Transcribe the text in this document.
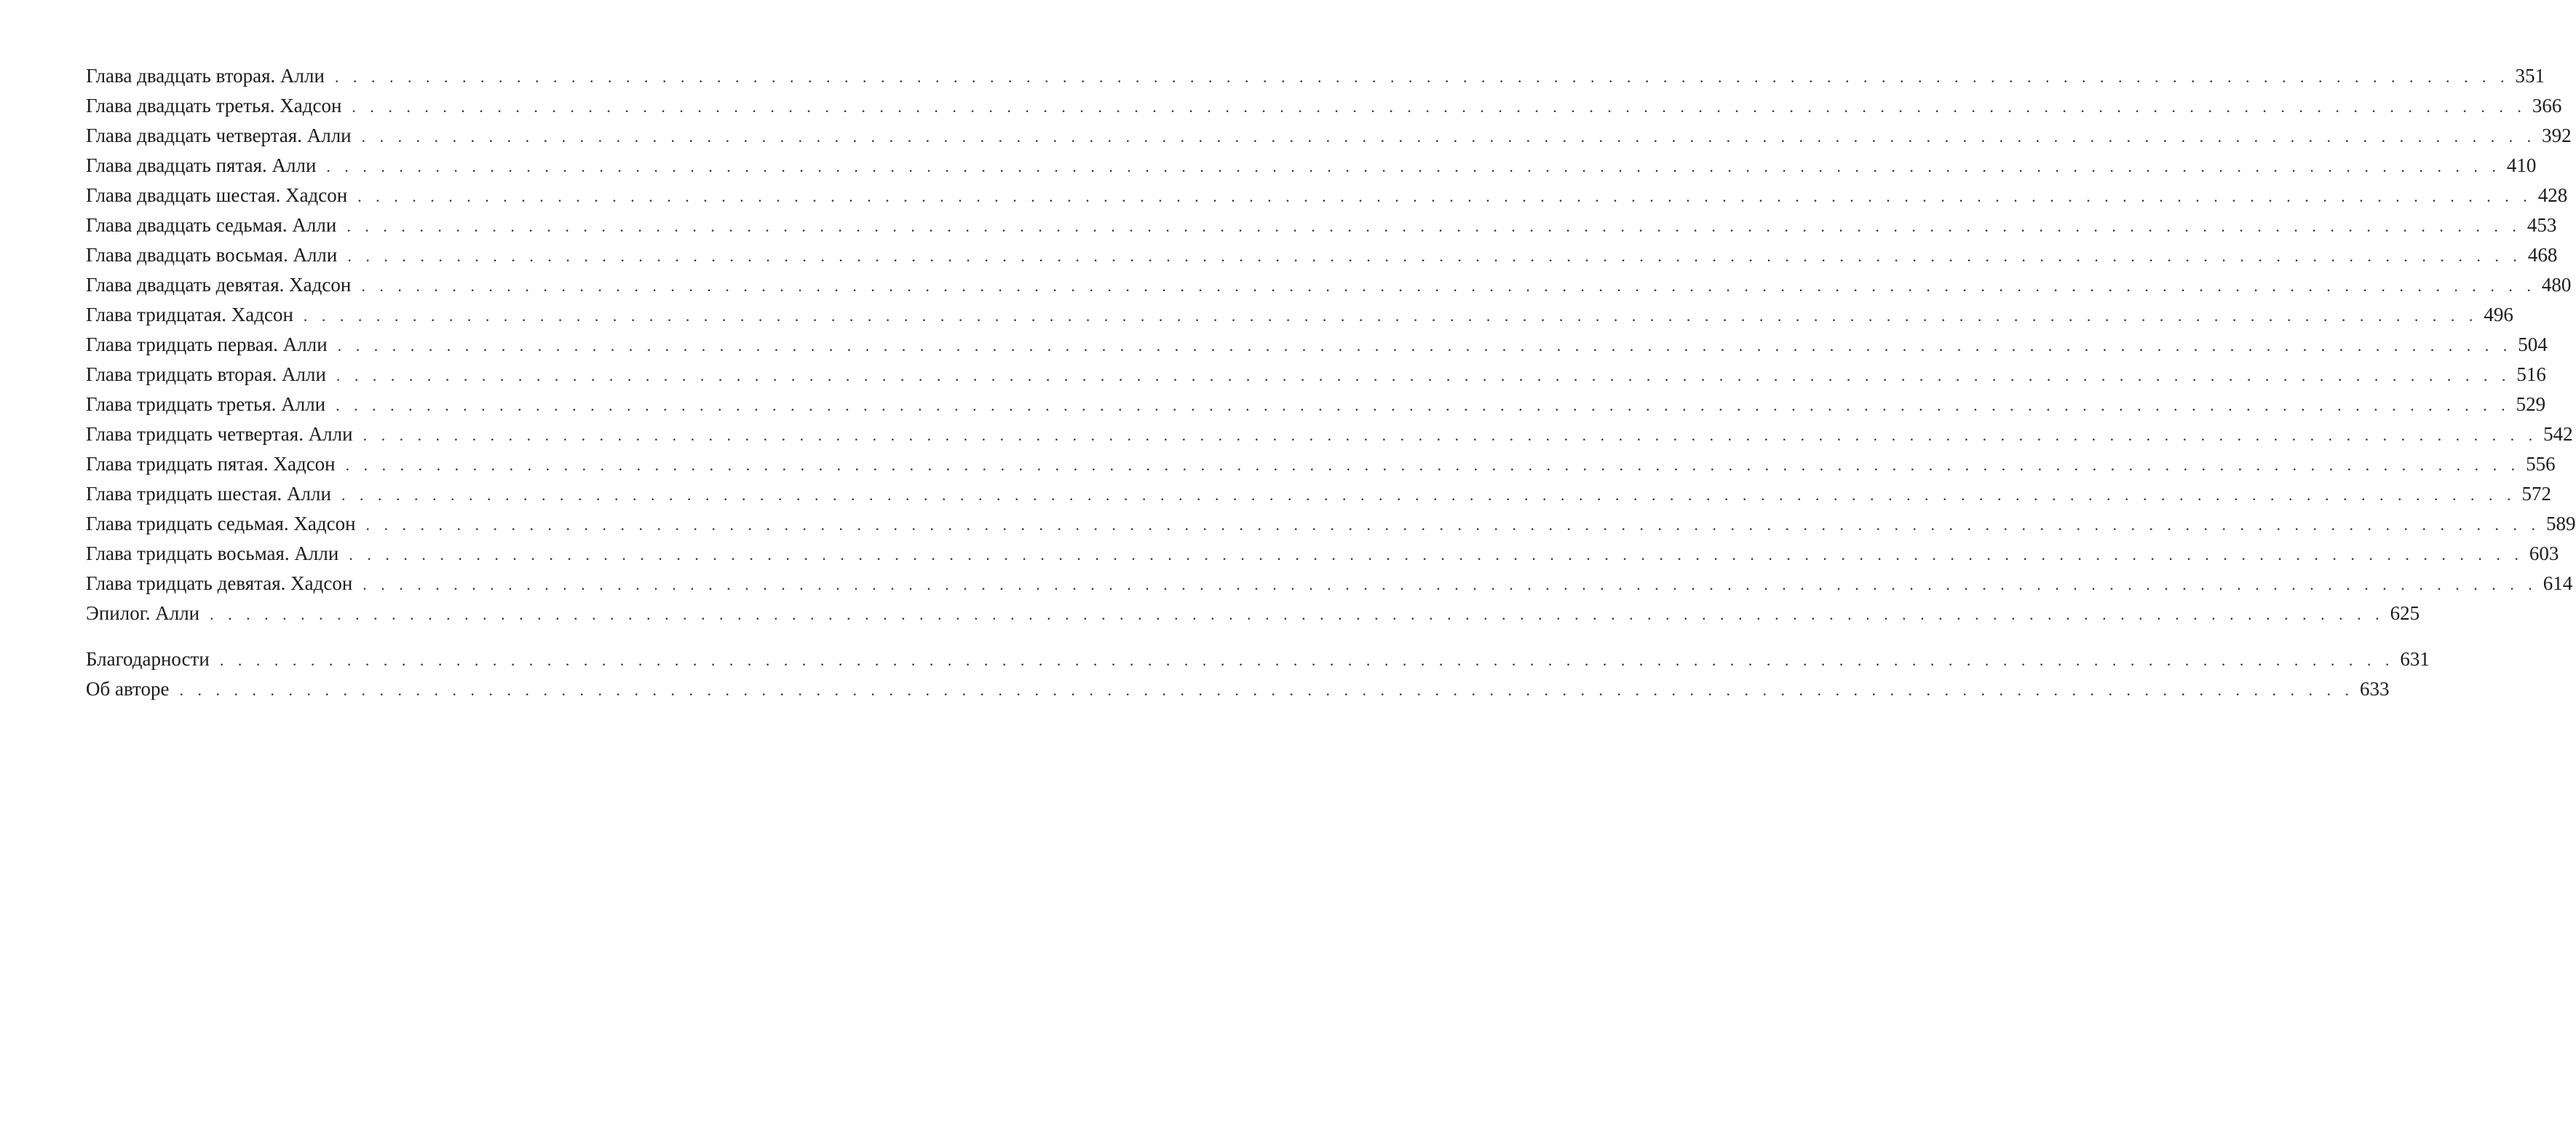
Глава двадцать вторая. Алли . . . . . . . . . . . . . . . . . . . . . . . . . . . . . . . . . . . . . . . . . . . . . . . . . . . . . . . . . . . . . . . . . . . . . . . . . . . . . . . . . . . . . . . . . . . . . . . . . . . . . . . . . . . . . . . . . . . . . . . . 351
Глава двадцать третья. Хадсон . . . . . . . . . . . . . . . . . . . . . . . . . . . . . . . . . . . . . . . . . . . . . . . . . . . . . . . . . . . . . . . . . . . . . . . . . . . . . . . . . . . . . . . . . . . . . . . . . . . . . . . . . . . . . . . . . . . . . . . . 366
Глава двадцать четвертая. Алли . . . . . . . . . . . . . . . . . . . . . . . . . . . . . . . . . . . . . . . . . . . . . . . . . . . . . . . . . . . . . . . . . . . . . . . . . . . . . . . . . . . . . . . . . . . . . . . . . . . . . . . . . . . . . . . . . . . . . . . . 392
Глава двадцать пятая. Алли . . . . . . . . . . . . . . . . . . . . . . . . . . . . . . . . . . . . . . . . . . . . . . . . . . . . . . . . . . . . . . . . . . . . . . . . . . . . . . . . . . . . . . . . . . . . . . . . . . . . . . . . . . . . . . . . . . . . . . . . 410
Глава двадцать шестая. Хадсон . . . . . . . . . . . . . . . . . . . . . . . . . . . . . . . . . . . . . . . . . . . . . . . . . . . . . . . . . . . . . . . . . . . . . . . . . . . . . . . . . . . . . . . . . . . . . . . . . . . . . . . . . . . . . . . . . . . . . . . . 428
Глава двадцать седьмая. Алли . . . . . . . . . . . . . . . . . . . . . . . . . . . . . . . . . . . . . . . . . . . . . . . . . . . . . . . . . . . . . . . . . . . . . . . . . . . . . . . . . . . . . . . . . . . . . . . . . . . . . . . . . . . . . . . . . . . . . . . . 453
Глава двадцать восьмая. Алли . . . . . . . . . . . . . . . . . . . . . . . . . . . . . . . . . . . . . . . . . . . . . . . . . . . . . . . . . . . . . . . . . . . . . . . . . . . . . . . . . . . . . . . . . . . . . . . . . . . . . . . . . . . . . . . . . . . . . . . . 468
Глава двадцать девятая. Хадсон . . . . . . . . . . . . . . . . . . . . . . . . . . . . . . . . . . . . . . . . . . . . . . . . . . . . . . . . . . . . . . . . . . . . . . . . . . . . . . . . . . . . . . . . . . . . . . . . . . . . . . . . . . . . . . . . . . . . . . . . 480
Глава тридцатая. Хадсон . . . . . . . . . . . . . . . . . . . . . . . . . . . . . . . . . . . . . . . . . . . . . . . . . . . . . . . . . . . . . . . . . . . . . . . . . . . . . . . . . . . . . . . . . . . . . . . . . . . . . . . . . . . . . . . . . . . . . . . . 496
Глава тридцать первая. Алли . . . . . . . . . . . . . . . . . . . . . . . . . . . . . . . . . . . . . . . . . . . . . . . . . . . . . . . . . . . . . . . . . . . . . . . . . . . . . . . . . . . . . . . . . . . . . . . . . . . . . . . . . . . . . . . . . . . . . . . . 504
Глава тридцать вторая. Алли . . . . . . . . . . . . . . . . . . . . . . . . . . . . . . . . . . . . . . . . . . . . . . . . . . . . . . . . . . . . . . . . . . . . . . . . . . . . . . . . . . . . . . . . . . . . . . . . . . . . . . . . . . . . . . . . . . . . . . . . 516
Глава тридцать третья. Алли . . . . . . . . . . . . . . . . . . . . . . . . . . . . . . . . . . . . . . . . . . . . . . . . . . . . . . . . . . . . . . . . . . . . . . . . . . . . . . . . . . . . . . . . . . . . . . . . . . . . . . . . . . . . . . . . . . . . . . . . 529
Глава тридцать четвертая. Алли . . . . . . . . . . . . . . . . . . . . . . . . . . . . . . . . . . . . . . . . . . . . . . . . . . . . . . . . . . . . . . . . . . . . . . . . . . . . . . . . . . . . . . . . . . . . . . . . . . . . . . . . . . . . . . . . . . . . . . . . 542
Глава тридцать пятая. Хадсон . . . . . . . . . . . . . . . . . . . . . . . . . . . . . . . . . . . . . . . . . . . . . . . . . . . . . . . . . . . . . . . . . . . . . . . . . . . . . . . . . . . . . . . . . . . . . . . . . . . . . . . . . . . . . . . . . . . . . . . . 556
Глава тридцать шестая. Алли . . . . . . . . . . . . . . . . . . . . . . . . . . . . . . . . . . . . . . . . . . . . . . . . . . . . . . . . . . . . . . . . . . . . . . . . . . . . . . . . . . . . . . . . . . . . . . . . . . . . . . . . . . . . . . . . . . . . . . . . 572
Глава тридцать седьмая. Хадсон . . . . . . . . . . . . . . . . . . . . . . . . . . . . . . . . . . . . . . . . . . . . . . . . . . . . . . . . . . . . . . . . . . . . . . . . . . . . . . . . . . . . . . . . . . . . . . . . . . . . . . . . . . . . . . . . . . . . . . . . 589
Глава тридцать восьмая. Алли . . . . . . . . . . . . . . . . . . . . . . . . . . . . . . . . . . . . . . . . . . . . . . . . . . . . . . . . . . . . . . . . . . . . . . . . . . . . . . . . . . . . . . . . . . . . . . . . . . . . . . . . . . . . . . . . . . . . . . . . 603
Глава тридцать девятая. Хадсон . . . . . . . . . . . . . . . . . . . . . . . . . . . . . . . . . . . . . . . . . . . . . . . . . . . . . . . . . . . . . . . . . . . . . . . . . . . . . . . . . . . . . . . . . . . . . . . . . . . . . . . . . . . . . . . . . . . . . . . . 614
Эпилог. Алли . . . . . . . . . . . . . . . . . . . . . . . . . . . . . . . . . . . . . . . . . . . . . . . . . . . . . . . . . . . . . . . . . . . . . . . . . . . . . . . . . . . . . . . . . . . . . . . . . . . . . . . . . . . . . . . . . . . . . . . . 625
Благодарности . . . . . . . . . . . . . . . . . . . . . . . . . . . . . . . . . . . . . . . . . . . . . . . . . . . . . . . . . . . . . . . . . . . . . . . . . . . . . . . . . . . . . . . . . . . . . . . . . . . . . . . . . . . . . . . . . . . . . . . . 631
Об авторе . . . . . . . . . . . . . . . . . . . . . . . . . . . . . . . . . . . . . . . . . . . . . . . . . . . . . . . . . . . . . . . . . . . . . . . . . . . . . . . . . . . . . . . . . . . . . . . . . . . . . . . . . . . . . . . . . . . . . . . . 633
